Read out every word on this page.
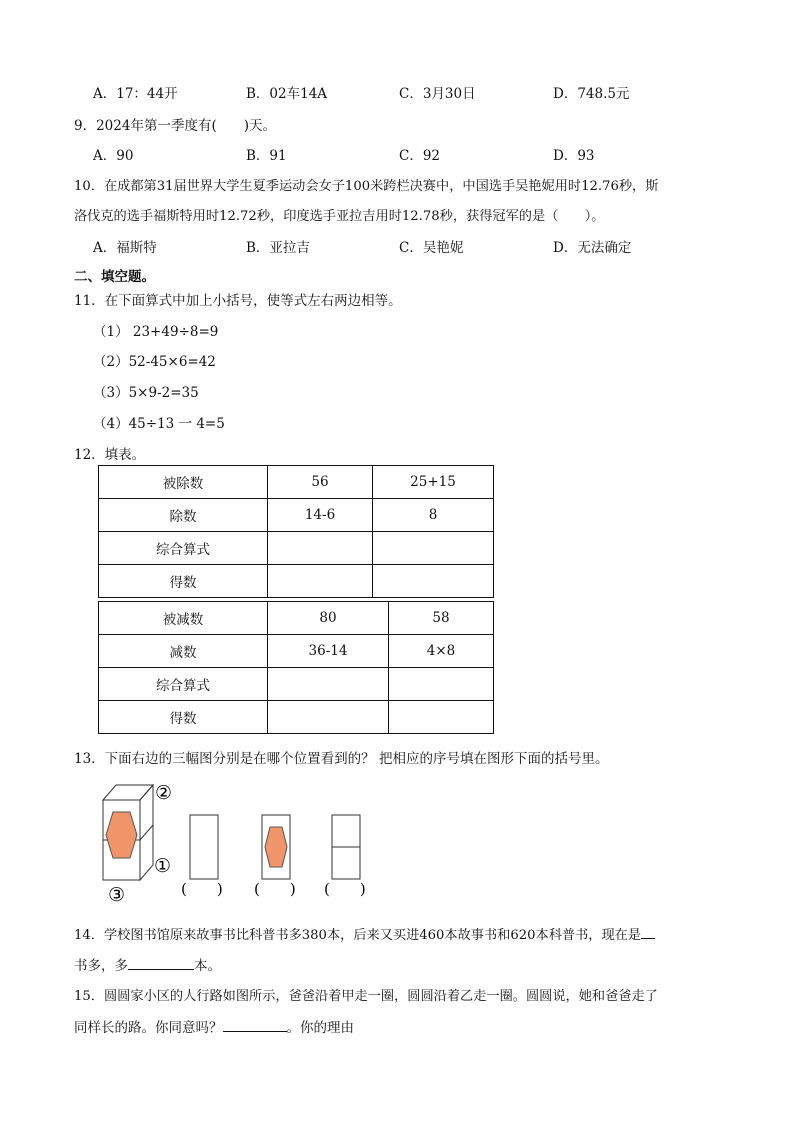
A．17：44开	B．02车14A	C．3月30日	D．748.5元
9．2024年第一季度有(　　)天。
A．90	B．91	C．92	D．93
10．在成都第31届世界大学生夏季运动会女子100米跨栏决赛中，中国选手吴艳妮用时12.76秒，斯
洛伐克的选手福斯特用时12.72秒，印度选手亚拉吉用时12.78秒，获得冠军的是（　　）。
A．福斯特	B．亚拉吉	C．吴艳妮	D．无法确定
二、填空题。
11．在下面算式中加上小括号，使等式左右两边相等。
（1） 23+49÷8=9
（2）52-45×6=42
（3）5×9-2=35
（4）45÷13 一 4=5
12．填表。
被除数	56	25+15
除数	14-6	8
综合算式		
得数		
被减数	80	58
减数	36-14	4×8
综合算式		
得数		
13．下面右边的三幅图分别是在哪个位置看到的？ 把相应的序号填在图形下面的括号里。
②
①
③	(　　) (　　) (　　)
14．学校图书馆原来故事书比科普书多380本，后来又买进460本故事书和620本科普书，现在是
书多，多	本。
15．圆圆家小区的人行路如图所示，爸爸沿着甲走一圈，圆圆沿着乙走一圈。圆圆说，她和爸爸走了
同样长的路。你同意吗？	。你的理由
